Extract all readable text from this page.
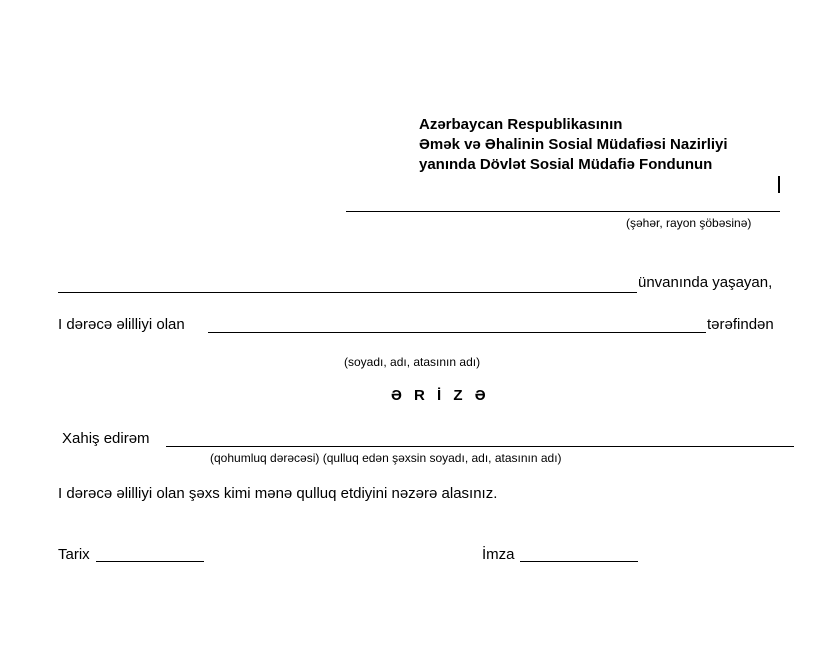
Azərbaycan Respublikasının
Əmək və Əhalinin Sosial Müdafiəsi Nazirliyi
yanında Dövlət Sosial Müdafiə Fondunun
(şəhər, rayon şöbəsinə)
ünvanında yaşayan,
I dərəcə əlilliyi olan	tərəfindən
(soyadı, adı, atasının adı)
Ə R İ Z Ə
Xahiş edirəm
(qohumluq dərəcəsi) (qulluq edən şəxsin soyadı, adı, atasının adı)
I dərəcə əlilliyi olan şəxs kimi mənə qulluq etdiyini nəzərə alasınız.
Tarix	İmza
